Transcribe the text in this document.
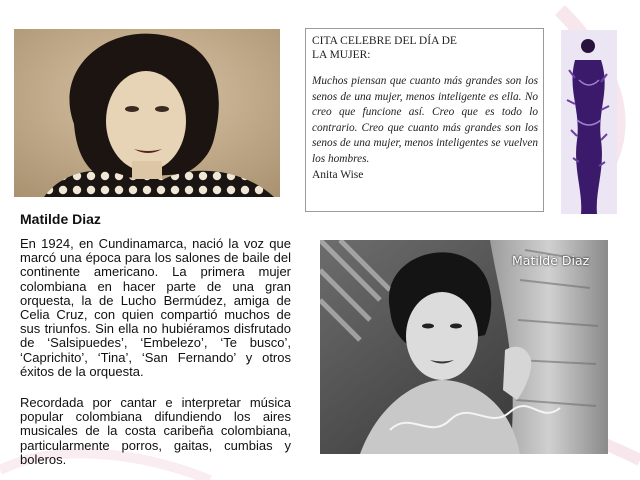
Matilde Diaz

En 1924, en Cundinamarca, nació la voz que marcó una época para los salones de baile del continente americano. La primera mujer colombiana en hacer parte de una gran orquesta, la de Lucho Bermúdez, amiga de Celia Cruz, con quien compartió muchos de sus triunfos. Sin ella no hubiéramos disfrutado de ‘Salsipuedes’, ‘Embelezo’, ‘Te busco’, ‘Caprichito’, ‘Tina’, ‘San Fernando’ y otros éxitos de la orquesta.

Recordada por cantar e interpretar música popular colombiana difundiendo los aires musicales de la costa caribeña colombiana, particularmente porros, gaitas, cumbias y boleros.

CITA CELEBRE DEL DÍA DE
LA MUJER:
Muchos piensan que cuanto más grandes son los senos de una mujer, menos inteligente es ella. No creo que funcione así. Creo que es todo lo contrario. Creo que cuanto más grandes son los senos de una mujer, menos inteligentes se vuelven los hombres.
Anita Wise
Matilde Diaz
